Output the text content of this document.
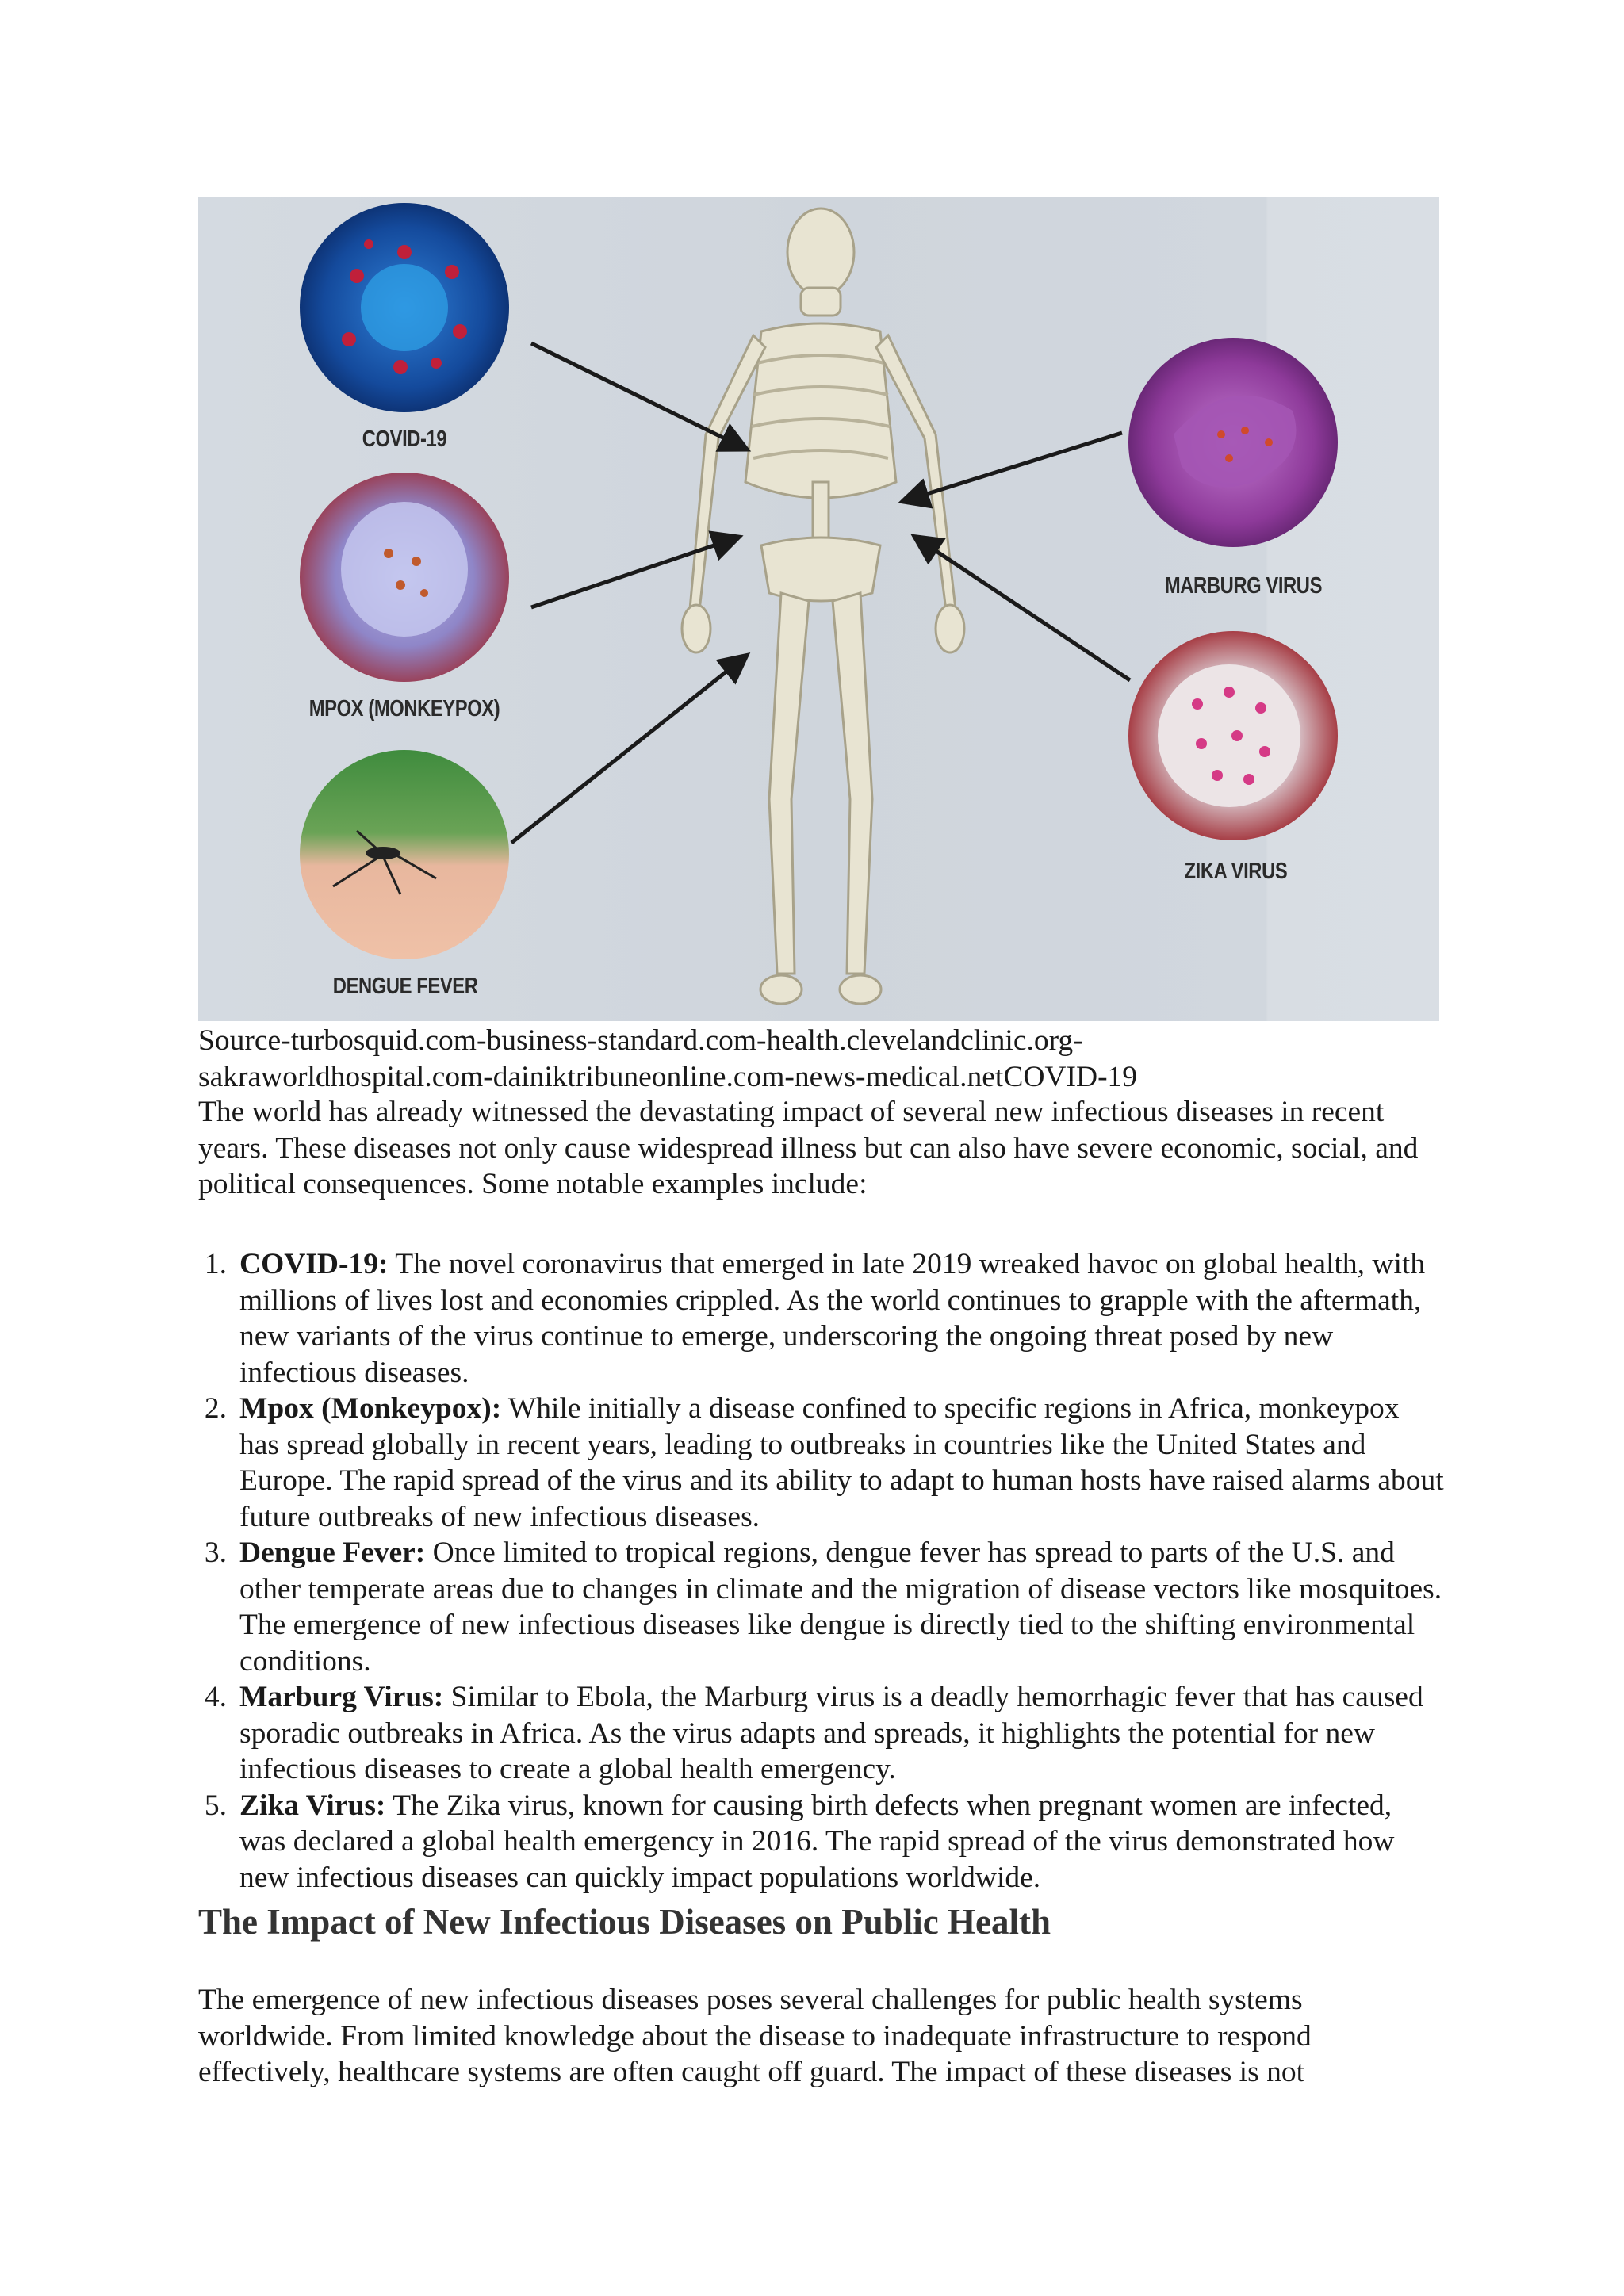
COVID-19
MPOX (MONKEYPOX)
DENGUE FEVER
MARBURG VIRUS
ZIKA VIRUS

Source-turbosquid.com-business-standard.com-health.clevelandclinic.org-

sakraworldhospital.com-dainiktribuneonline.com-news-medical.netCOVID-19

The world has already witnessed the devastating impact of several new infectious diseases in recent years. These diseases not only cause widespread illness but can also have severe economic, social, and political consequences. Some notable examples include:
1. COVID-19: The novel coronavirus that emerged in late 2019 wreaked havoc on global health, with millions of lives lost and economies crippled. As the world continues to grapple with the aftermath, new variants of the virus continue to emerge, underscoring the ongoing threat posed by new infectious diseases.
2. Mpox (Monkeypox): While initially a disease confined to specific regions in Africa, monkeypox has spread globally in recent years, leading to outbreaks in countries like the United States and Europe. The rapid spread of the virus and its ability to adapt to human hosts have raised alarms about future outbreaks of new infectious diseases.
3. Dengue Fever: Once limited to tropical regions, dengue fever has spread to parts of the U.S. and other temperate areas due to changes in climate and the migration of disease vectors like mosquitoes. The emergence of new infectious diseases like dengue is directly tied to the shifting environmental conditions.
4. Marburg Virus: Similar to Ebola, the Marburg virus is a deadly hemorrhagic fever that has caused sporadic outbreaks in Africa. As the virus adapts and spreads, it highlights the potential for new infectious diseases to create a global health emergency.
5. Zika Virus: The Zika virus, known for causing birth defects when pregnant women are infected, was declared a global health emergency in 2016. The rapid spread of the virus demonstrated how new infectious diseases can quickly impact populations worldwide.
The Impact of New Infectious Diseases on Public Health
The emergence of new infectious diseases poses several challenges for public health systems worldwide. From limited knowledge about the disease to inadequate infrastructure to respond effectively, healthcare systems are often caught off guard. The impact of these diseases is not
